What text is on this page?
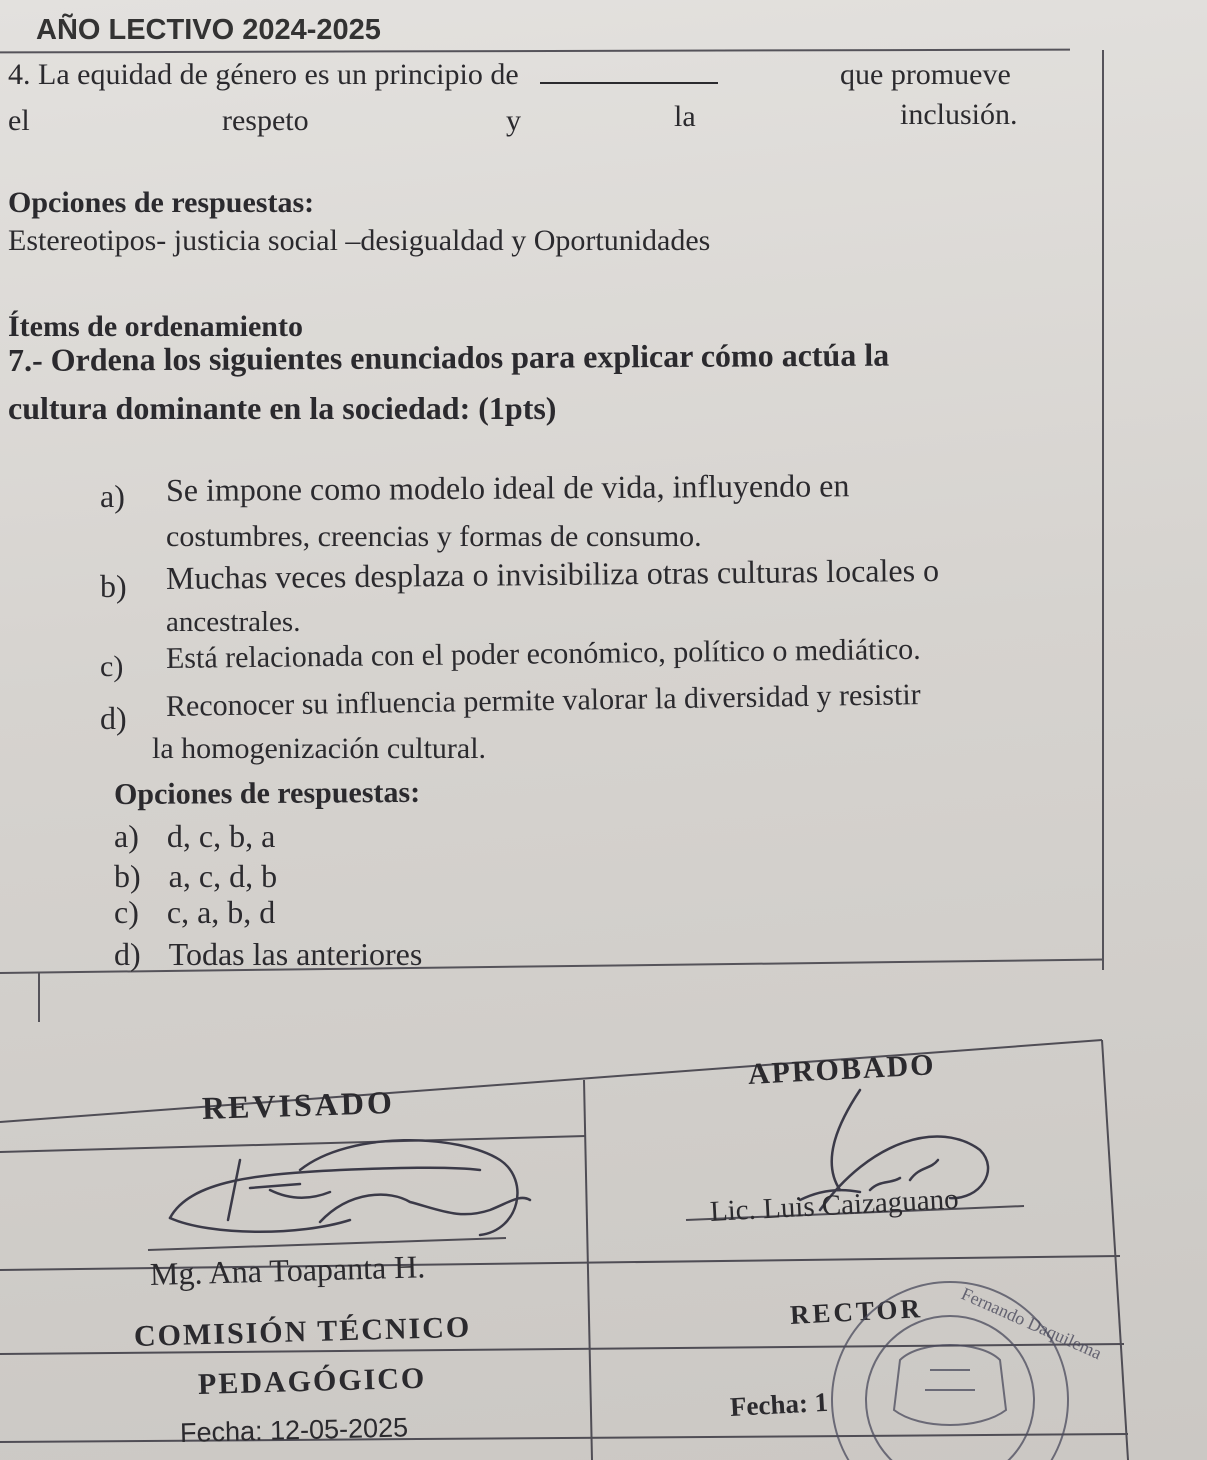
AÑO LECTIVO 2024-2025
4. La equidad de género es un principio de	que promueve
el	respeto	y	la	inclusión.
Opciones de respuestas:
Estereotipos- justicia social –desigualdad y Oportunidades
Ítems de ordenamiento
7.- Ordena los siguientes enunciados para explicar cómo actúa la
cultura dominante en la sociedad: (1pts)
a) Se impone como modelo ideal de vida, influyendo en
costumbres, creencias y formas de consumo.
b) Muchas veces desplaza o invisibiliza otras culturas locales o
ancestrales.
c) Está relacionada con el poder económico, político o mediático.
d) Reconocer su influencia permite valorar la diversidad y resistir
la homogenización cultural.
Opciones de respuestas:
a) d, c, b, a
b) a, c, d, b
c) c, a, b, d
d) Todas las anteriores
REVISADO
Mg. Ana Toapanta H.
COMISIÓN TÉCNICO
PEDAGÓGICO
Fecha: 12-05-2025
APROBADO
Lic. Luis Caizaguano
RECTOR
Fecha: 1
Fernando Daquilema
